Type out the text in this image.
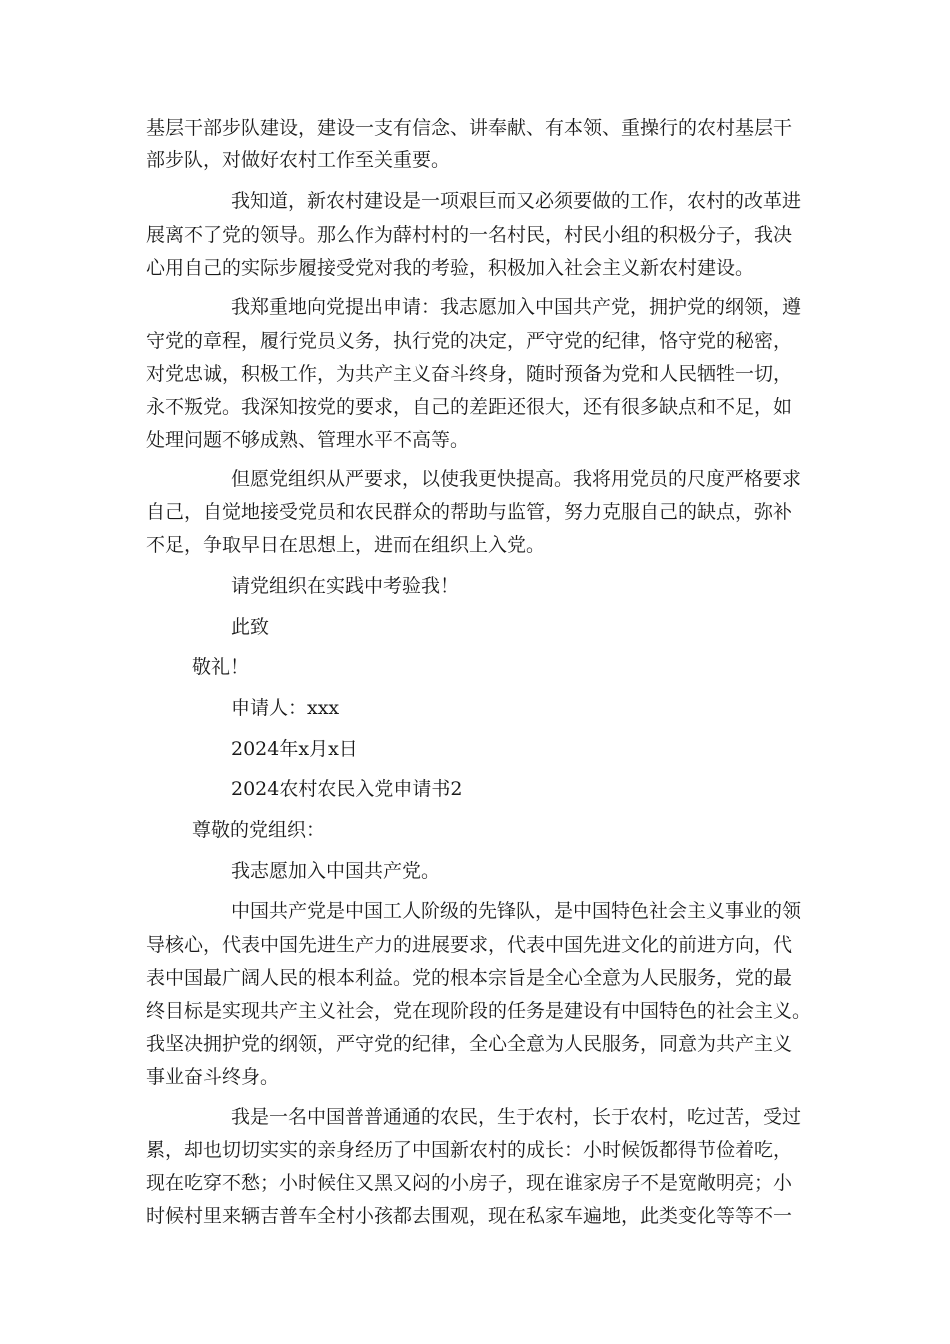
基层干部步队建设，建设一支有信念、讲奉献、有本领、重操行的农村基层干
部步队，对做好农村工作至关重要。
我知道，新农村建设是一项艰巨而又必须要做的工作，农村的改革进
展离不了党的领导。那么作为薛村村的一名村民，村民小组的积极分子，我决
心用自己的实际步履接受党对我的考验，积极加入社会主义新农村建设。
我郑重地向党提出申请：我志愿加入中国共产党，拥护党的纲领，遵
守党的章程，履行党员义务，执行党的决定，严守党的纪律，恪守党的秘密，
对党忠诚，积极工作，为共产主义奋斗终身，随时预备为党和人民牺牲一切，
永不叛党。我深知按党的要求，自己的差距还很大，还有很多缺点和不足，如
处理问题不够成熟、管理水平不高等。
但愿党组织从严要求，以使我更快提高。我将用党员的尺度严格要求
自己，自觉地接受党员和农民群众的帮助与监管，努力克服自己的缺点，弥补
不足，争取早日在思想上，进而在组织上入党。
请党组织在实践中考验我！
此致
敬礼！
申请人：xxx
2024年x月x日
2024农村农民入党申请书2
尊敬的党组织：
我志愿加入中国共产党。
中国共产党是中国工人阶级的先锋队，是中国特色社会主义事业的领
导核心，代表中国先进生产力的进展要求，代表中国先进文化的前进方向，代
表中国最广阔人民的根本利益。党的根本宗旨是全心全意为人民服务，党的最
终目标是实现共产主义社会，党在现阶段的任务是建设有中国特色的社会主义。
我坚决拥护党的纲领，严守党的纪律，全心全意为人民服务，同意为共产主义
事业奋斗终身。
我是一名中国普普通通的农民，生于农村，长于农村，吃过苦，受过
累，却也切切实实的亲身经历了中国新农村的成长：小时候饭都得节俭着吃，
现在吃穿不愁；小时候住又黑又闷的小房子，现在谁家房子不是宽敞明亮；小
时候村里来辆吉普车全村小孩都去围观，现在私家车遍地，此类变化等等不一
